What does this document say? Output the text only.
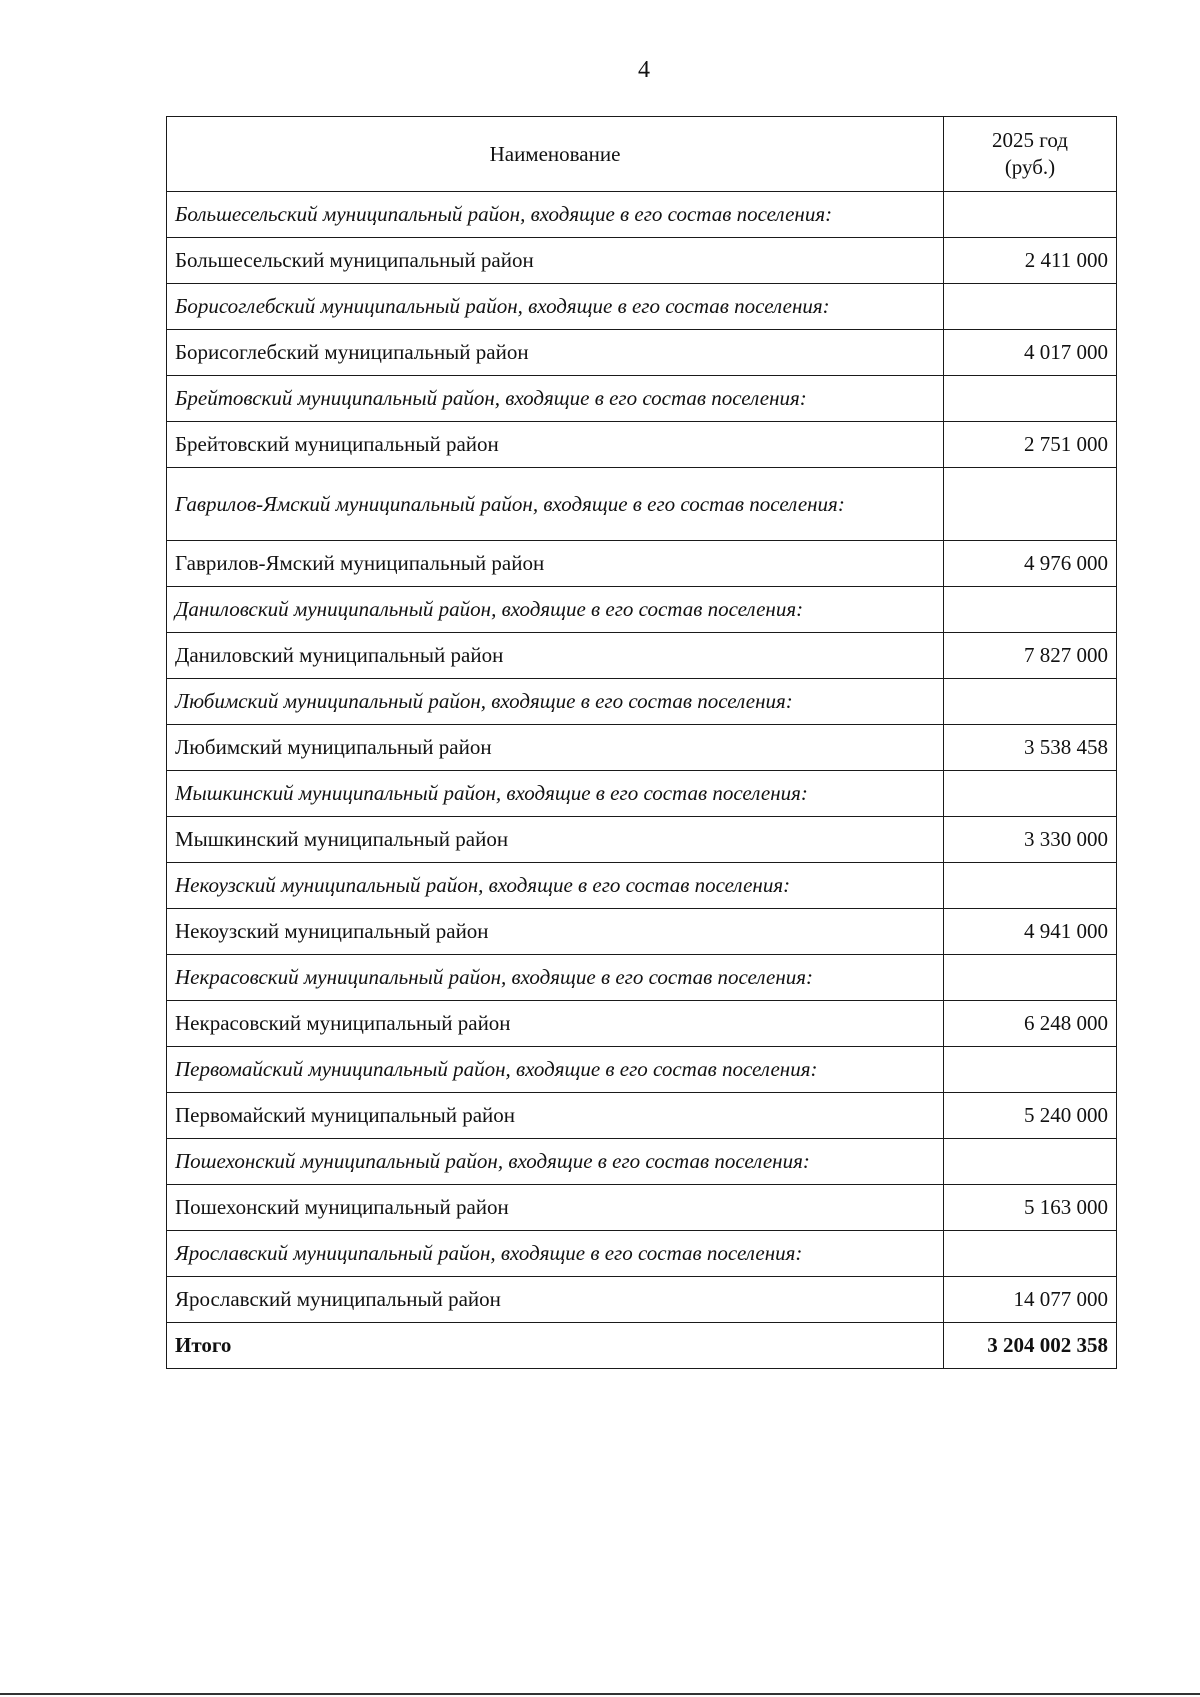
4
Наименование	2025 год
(руб.)
Большесельский муниципальный район, входящие в его состав поселения:	
Большесельский муниципальный район	2 411 000
Борисоглебский муниципальный район, входящие в его состав поселения:	
Борисоглебский муниципальный район	4 017 000
Брейтовский муниципальный район, входящие в его состав поселения:	
Брейтовский муниципальный район	2 751 000
Гаврилов-Ямский муниципальный район, входящие в его состав поселения:	
Гаврилов-Ямский муниципальный район	4 976 000
Даниловский муниципальный район, входящие в его состав поселения:	
Даниловский муниципальный район	7 827 000
Любимский муниципальный район, входящие в его состав поселения:	
Любимский муниципальный район	3 538 458
Мышкинский муниципальный район, входящие в его состав поселения:	
Мышкинский муниципальный район	3 330 000
Некоузский муниципальный район, входящие в его состав поселения:	
Некоузский муниципальный район	4 941 000
Некрасовский муниципальный район, входящие в его состав поселения:	
Некрасовский муниципальный район	6 248 000
Первомайский муниципальный район, входящие в его состав поселения:	
Первомайский муниципальный район	5 240 000
Пошехонский муниципальный район, входящие в его состав поселения:	
Пошехонский муниципальный район	5 163 000
Ярославский муниципальный район, входящие в его состав поселения:	
Ярославский муниципальный район	14 077 000
Итого	3 204 002 358
